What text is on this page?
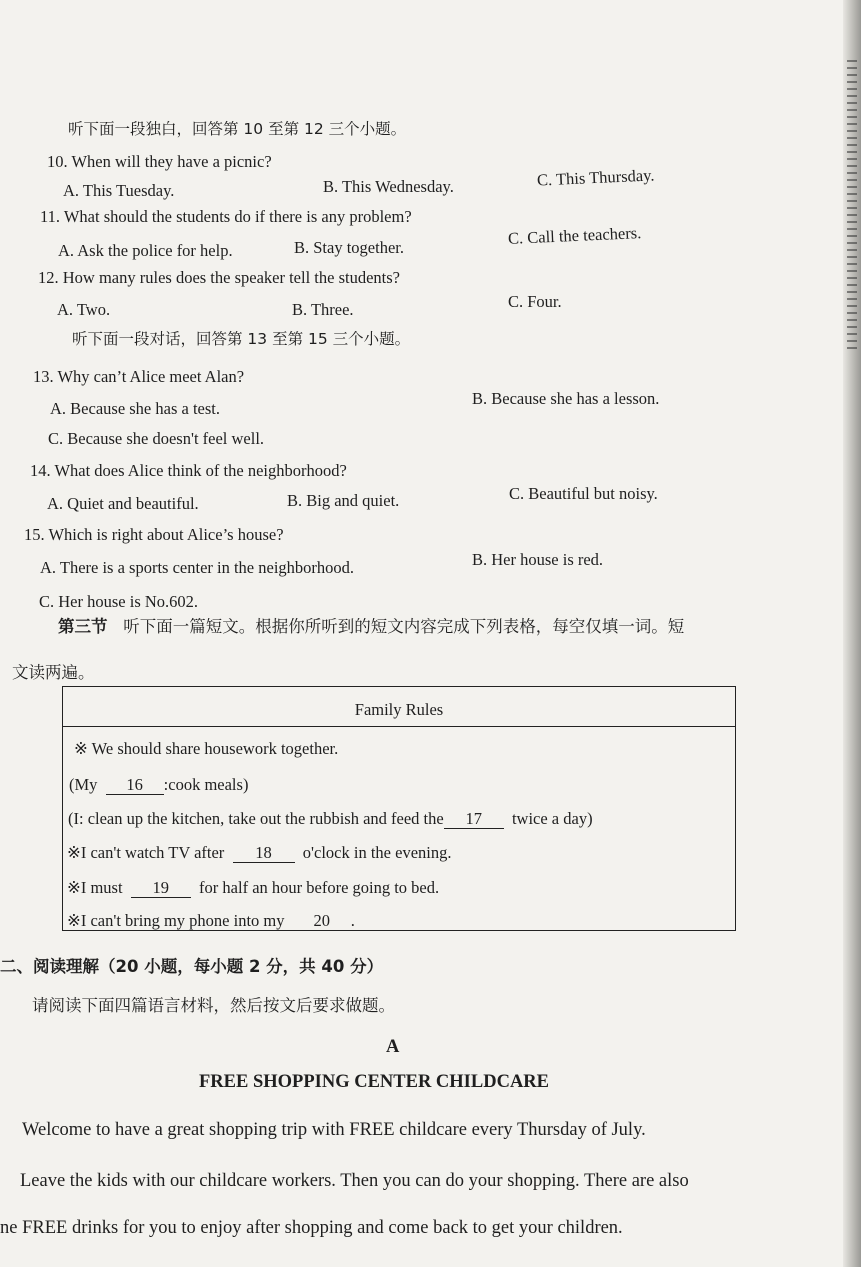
听下面一段独白，回答第 10 至第 12 三个小题。
10. When will they have a picnic?
A. This Tuesday.	B. This Wednesday.	C. This Thursday.
11. What should the students do if there is any problem?
A. Ask the police for help.	B. Stay together.	C. Call the teachers.
12. How many rules does the speaker tell the students?
A. Two.	B. Three.	C. Four.
听下面一段对话，回答第 13 至第 15 三个小题。
13. Why can’t Alice meet Alan?
A. Because she has a test.
B. Because she has a lesson.
C. Because she doesn't feel well.
14. What does Alice think of the neighborhood?
A. Quiet and beautiful.	B. Big and quiet.	C. Beautiful but noisy.
15. Which is right about Alice’s house?
A. There is a sports center in the neighborhood.	B. Her house is red.
C. Her house is No.602.
第三节 听下面一篇短文。根据你所听到的短文内容完成下列表格，每空仅填一词。短
文读两遍。
Family Rules
※ We should share housework together.
(My 16 :cook meals)
(I: clean up the kitchen, take out the rubbish and feed the 17 twice a day)
※I can't watch TV after 18 o'clock in the evening.
※I must 19 for half an hour before going to bed.
※I can't bring my phone into my 20 .
二、阅读理解（20 小题，每小题 2 分，共 40 分）
请阅读下面四篇语言材料，然后按文后要求做题。
A
FREE SHOPPING CENTER CHILDCARE
Welcome to have a great shopping trip with FREE childcare every Thursday of July.
Leave the kids with our childcare workers. Then you can do your shopping. There are also
ne FREE drinks for you to enjoy after shopping and come back to get your children.
